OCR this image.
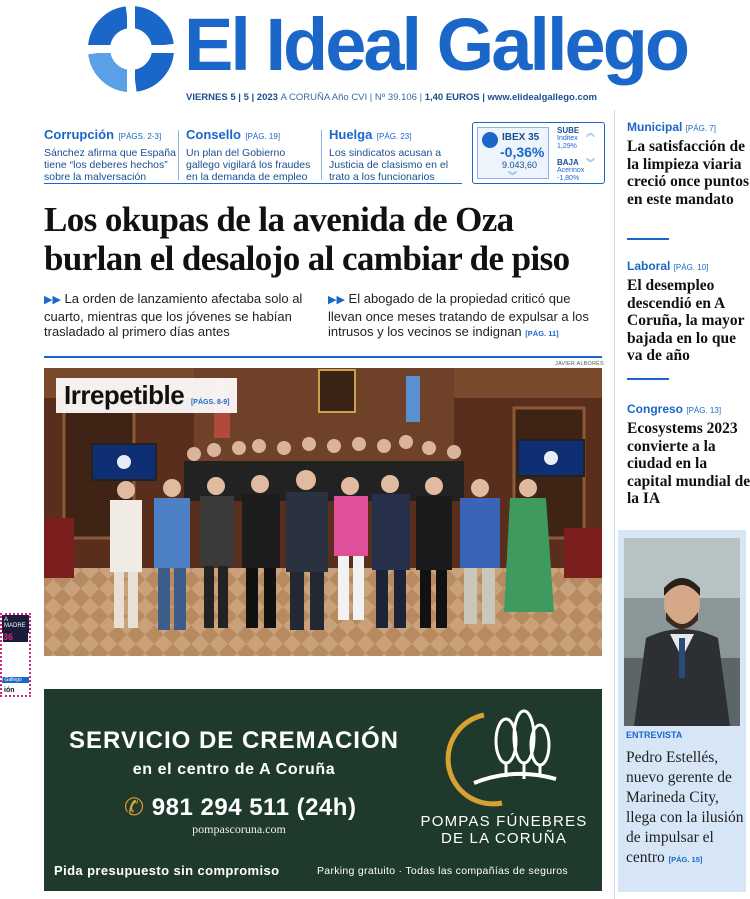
El Ideal Gallego
VIERNES 5 | 5 | 2023 A CORUÑA Año CVI | Nº 39.106 | 1,40 EUROS | www.elidealgallego.com
Corrupción [PÁGS. 2-3]
Sánchez afirma que España tiene “los deberes hechos” sobre la malversación
Consello [PÁG. 19]
Un plan del Gobierno gallego vigilará los fraudes en la demanda de empleo
Huelga [PÁG. 23]
Los sindicatos acusan a Justicia de clasismo en el trato a los funcionarios
IBEX 35
-0,36%
9.043,60
︾
SUBE
Inditex
1,29%
︽
BAJA
Acerinox
-1,80%
︾
Los okupas de la avenida de Oza burlan el desalojo al cambiar de piso
▶▶ La orden de lanzamiento afectaba solo al cuarto, mientras que los jóvenes se habían trasladado al primero días antes
▶▶ El abogado de la propiedad criticó que llevan once meses tratando de expulsar a los intrusos y los vecinos se indignan [PÁG. 11]
JAVIER ALBORÉS
Irrepetible [PÁGS. 8-9]
A MADRE
36
l Gallego
ión
SERVICIO DE CREMACIÓN
en el centro de A Coruña
✆ 981 294 511 (24h)
pompascoruna.com	POMPAS FÚNEBRES
DE LA CORUÑA
Pida presupuesto sin compromiso	Parking gratuito · Todas las compañías de seguros
Municipal [PÁG. 7]
La satisfacción de la limpieza viaria creció once puntos en este mandato
Laboral [PÁG. 10]
El desempleo descendió en A Coruña, la mayor bajada en lo que va de año
Congreso [PÁG. 13]
Ecosystems 2023 convierte a la ciudad en la capital mundial de la IA
ENTREVISTA
Pedro Estellés, nuevo gerente de Marineda City, llega con la ilusión de impulsar el centro [PÁG. 15]
